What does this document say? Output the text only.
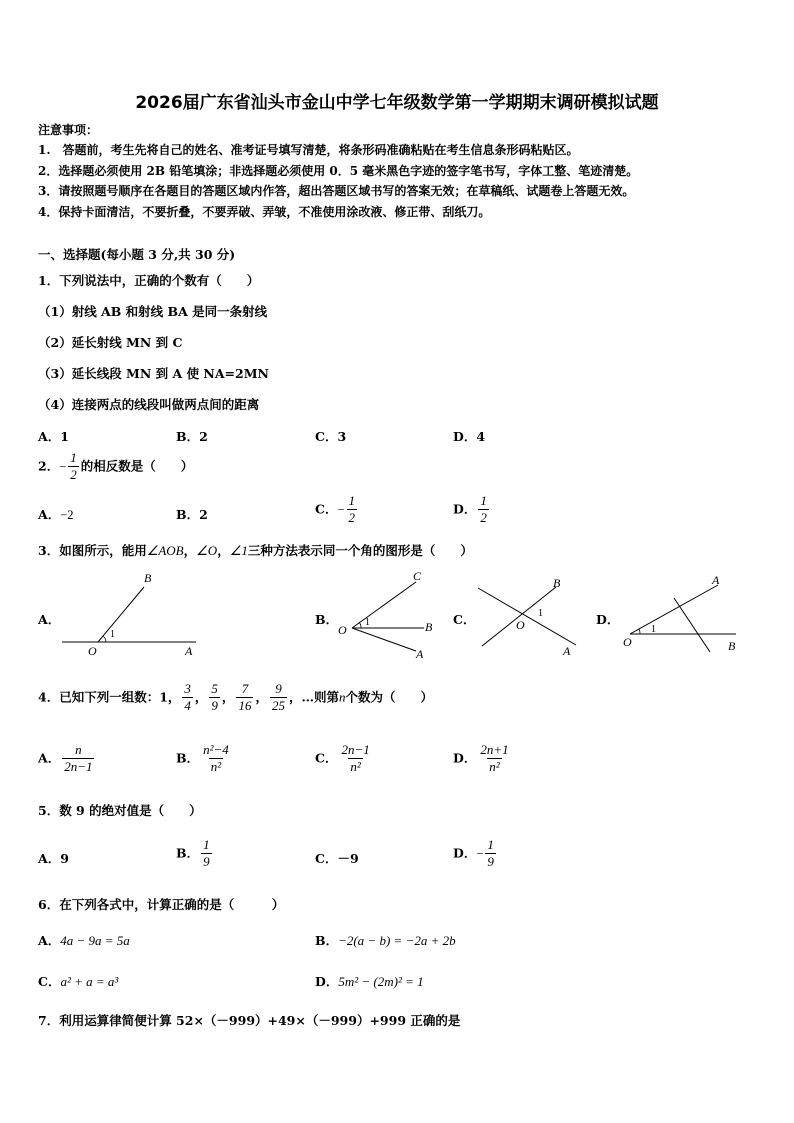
2026届广东省汕头市金山中学七年级数学第一学期期末调研模拟试题
注意事项：
1.　答题前，考生先将自己的姓名、准考证号填写清楚，将条形码准确粘贴在考生信息条形码粘贴区。
2．选择题必须使用 2B 铅笔填涂；非选择题必须使用 0．5 毫米黑色字迹的签字笔书写，字体工整、笔迹清楚。
3．请按照题号顺序在各题目的答题区域内作答，超出答题区域书写的答案无效；在草稿纸、试题卷上答题无效。
4．保持卡面清洁，不要折叠，不要弄破、弄皱，不准使用涂改液、修正带、刮纸刀。
一、选择题(每小题 3 分,共 30 分)
1．下列说法中，正确的个数有（　　）
（1）射线 AB 和射线 BA 是同一条射线
（2）延长射线 MN 到 C
（3）延长线段 MN 到 A 使 NA=2MN
（4）连接两点的线段叫做两点间的距离
A．1	B．2	C．3	D．4
2．− $\frac{1}{2}$ 的相反数是（　　）
A．−2	B．2	C．− $\frac{1}{2}$	D． $\frac{1}{2}$
3．如图所示，能用∠AOB，∠O，∠1三种方法表示同一个角的图形是（　　）
A．
B
O	A
1
B．
C
O	B
A
1	C．
B
O
A
1	D．
A
O	B
1
4．已知下列一组数：1， $\frac{3}{4}$ ， $\frac{5}{9}$ ， $\frac{7}{16}$ ， $\frac{9}{25}$ ，…则第n个数为（　　）
A． $\frac{n}{2n-1}$	B． $\frac{\text{n²−4}}{\text{n²}}$	C． $\frac{2n-1}{\text{n²}}$	D． $\frac{2n+1}{\text{n²}}$
5．数 9 的绝对值是（　　）
A．9	B． $\frac{1}{9}$	C．－9	D．− $\frac{1}{9}$
6．在下列各式中，计算正确的是（　　　）
A．4a − 9a = 5a	B．−2(a − b) = −2a + 2b
C．a² + a = a³	D．5m² − (2m)² = 1
7．利用运算律简便计算 52×（－999）+49×（－999）+999 正确的是
